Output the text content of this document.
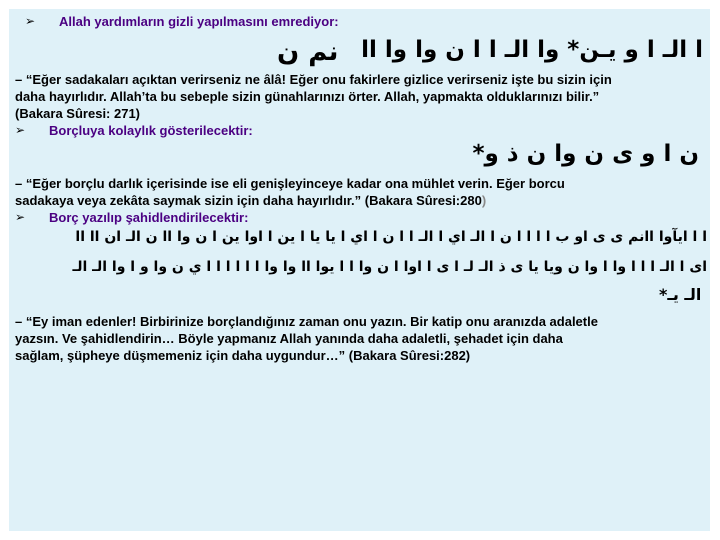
➢	Allah yardımların gizli yapılmasını emrediyor:
نم ن ا الـ ا و يـن* وا الـ ا ا ن وا وا اا
– “Eğer sadakaları açıktan verirseniz ne âlâ! Eğer onu fakirlere gizlice verirseniz işte bu sizin için
daha hayırlıdır. Allah’ta bu sebeple sizin günahlarınızı örter. Allah, yapmakta olduklarınızı bilir.”
(Bakara Sûresi: 271)
➢	Borçluya kolaylık gösterilecektir:
ن ا و ى ن وا ن ذ و*
– “Eğer borçlu darlık içerisinde ise eli genişleyinceye kadar ona mühlet verin. Eğer borcu
sadakaya veya zekâta saymak sizin için daha hayırlıdır.” (Bakara Sûresi:280)
➢	Borç yazılıp şahidlendirilecektir:
ا ا ايآوا اانم ى ى او ب ا ا ا ا ن ا الـ اي ا الـ ا ا ن ا اي ا يا يا ا ين ا اوا ين ا ن وا اا ن الـ ان اا اا
اى ا الـ ا ا ا وا ا وا ن ويا يا ى ذ الـ لـ ا ى ا اوا ا ن وا ا ا يوا اا وا وا ا ا ا ا ا ا ي ن وا و ا وا الـ الـ
الـ يـ*
– “Ey iman edenler! Birbirinize borçlandığınız zaman onu yazın. Bir katip onu aranızda adaletle
yazsın. Ve şahidlendirin… Böyle yapmanız Allah yanında daha adaletli, şehadet için daha
sağlam, şüpheye düşmemeniz için daha uygundur…” (Bakara Sûresi:282)
